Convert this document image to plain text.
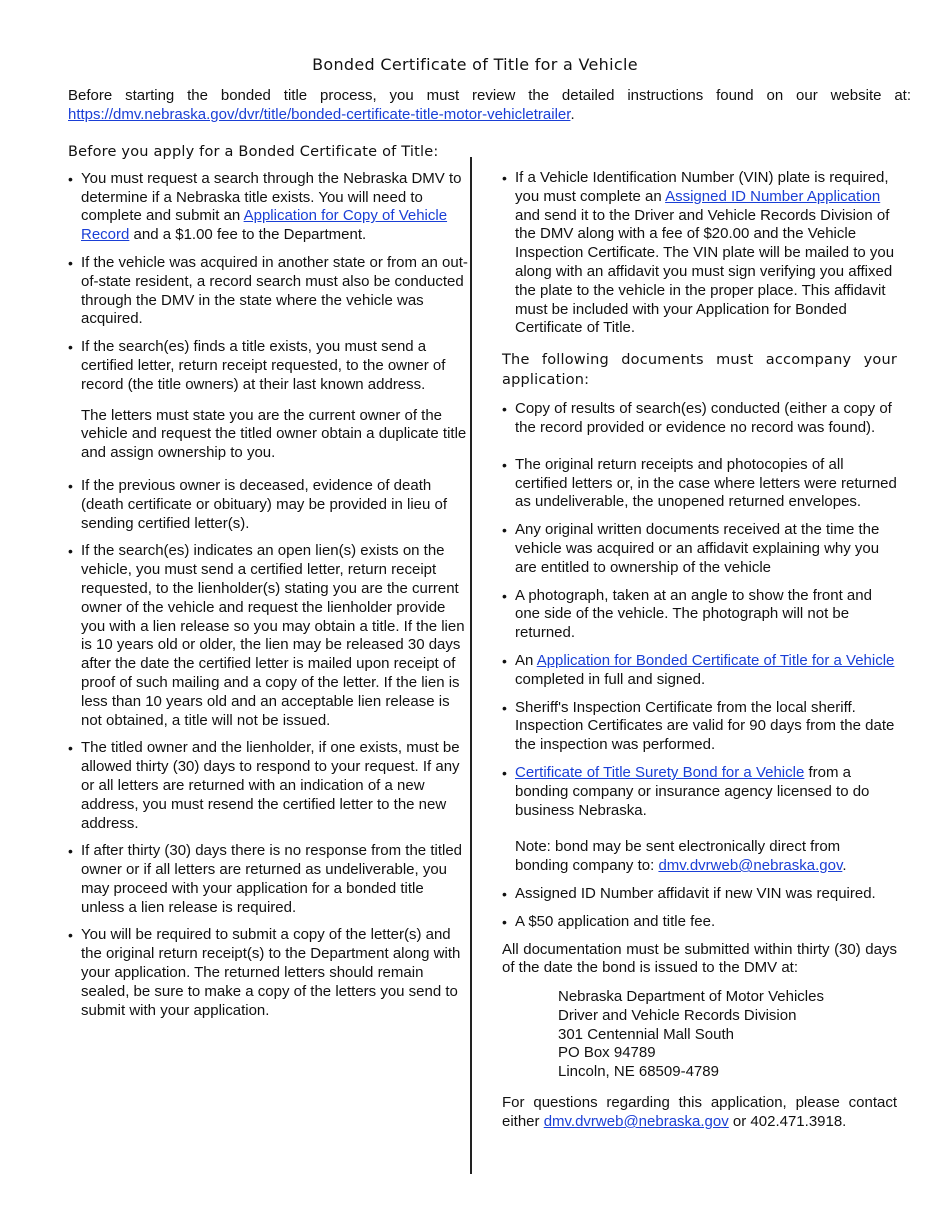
Bonded Certificate of Title for a Vehicle
Before starting the bonded title process, you must review the detailed instructions found on our website at: https://dmv.nebraska.gov/dvr/title/bonded-certificate-title-motor-vehicletrailer.
Before you apply for a Bonded Certificate of Title:
• You must request a search through the Nebraska DMV to determine if a Nebraska title exists. You will need to complete and submit an Application for Copy of Vehicle Record and a $1.00 fee to the Department.
• If the vehicle was acquired in another state or from an out-of-state resident, a record search must also be conducted through the DMV in the state where the vehicle was acquired.
• If the search(es) finds a title exists, you must send a certified letter, return receipt requested, to the owner of record (the title owners) at their last known address.
The letters must state you are the current owner of the vehicle and request the titled owner obtain a duplicate title and assign ownership to you.
• If the previous owner is deceased, evidence of death (death certificate or obituary) may be provided in lieu of sending certified letter(s).
• If the search(es) indicates an open lien(s) exists on the vehicle, you must send a certified letter, return receipt requested, to the lienholder(s) stating you are the current owner of the vehicle and request the lienholder provide you with a lien release so you may obtain a title. If the lien is 10 years old or older, the lien may be released 30 days after the date the certified letter is mailed upon receipt of proof of such mailing and a copy of the letter. If the lien is less than 10 years old and an acceptable lien release is not obtained, a title will not be issued.
• The titled owner and the lienholder, if one exists, must be allowed thirty (30) days to respond to your request. If any or all letters are returned with an indication of a new address, you must resend the certified letter to the new address.
• If after thirty (30) days there is no response from the titled owner or if all letters are returned as undeliverable, you may proceed with your application for a bonded title unless a lien release is required.
• You will be required to submit a copy of the letter(s) and the original return receipt(s) to the Department along with your application. The returned letters should remain sealed, be sure to make a copy of the letters you send to submit with your application.
• If a Vehicle Identification Number (VIN) plate is required, you must complete an Assigned ID Number Application and send it to the Driver and Vehicle Records Division of the DMV along with a fee of $20.00 and the Vehicle Inspection Certificate. The VIN plate will be mailed to you along with an affidavit you must sign verifying you affixed the plate to the vehicle in the proper place. This affidavit must be included with your Application for Bonded Certificate of Title.
The following documents must accompany your application:
• Copy of results of search(es) conducted (either a copy of the record provided or evidence no record was found).
• The original return receipts and photocopies of all certified letters or, in the case where letters were returned as undeliverable, the unopened returned envelopes.
• Any original written documents received at the time the vehicle was acquired or an affidavit explaining why you are entitled to ownership of the vehicle
• A photograph, taken at an angle to show the front and one side of the vehicle. The photograph will not be returned.
• An Application for Bonded Certificate of Title for a Vehicle completed in full and signed.
• Sheriff's Inspection Certificate from the local sheriff. Inspection Certificates are valid for 90 days from the date the inspection was performed.
• Certificate of Title Surety Bond for a Vehicle from a bonding company or insurance agency licensed to do business Nebraska.
Note: bond may be sent electronically direct from bonding company to: dmv.dvrweb@nebraska.gov.
• Assigned ID Number affidavit if new VIN was required.
• A $50 application and title fee.
All documentation must be submitted within thirty (30) days of the date the bond is issued to the DMV at:
Nebraska Department of Motor Vehicles
Driver and Vehicle Records Division
301 Centennial Mall South
PO Box 94789
Lincoln, NE 68509-4789
For questions regarding this application, please contact either dmv.dvrweb@nebraska.gov or 402.471.3918.
